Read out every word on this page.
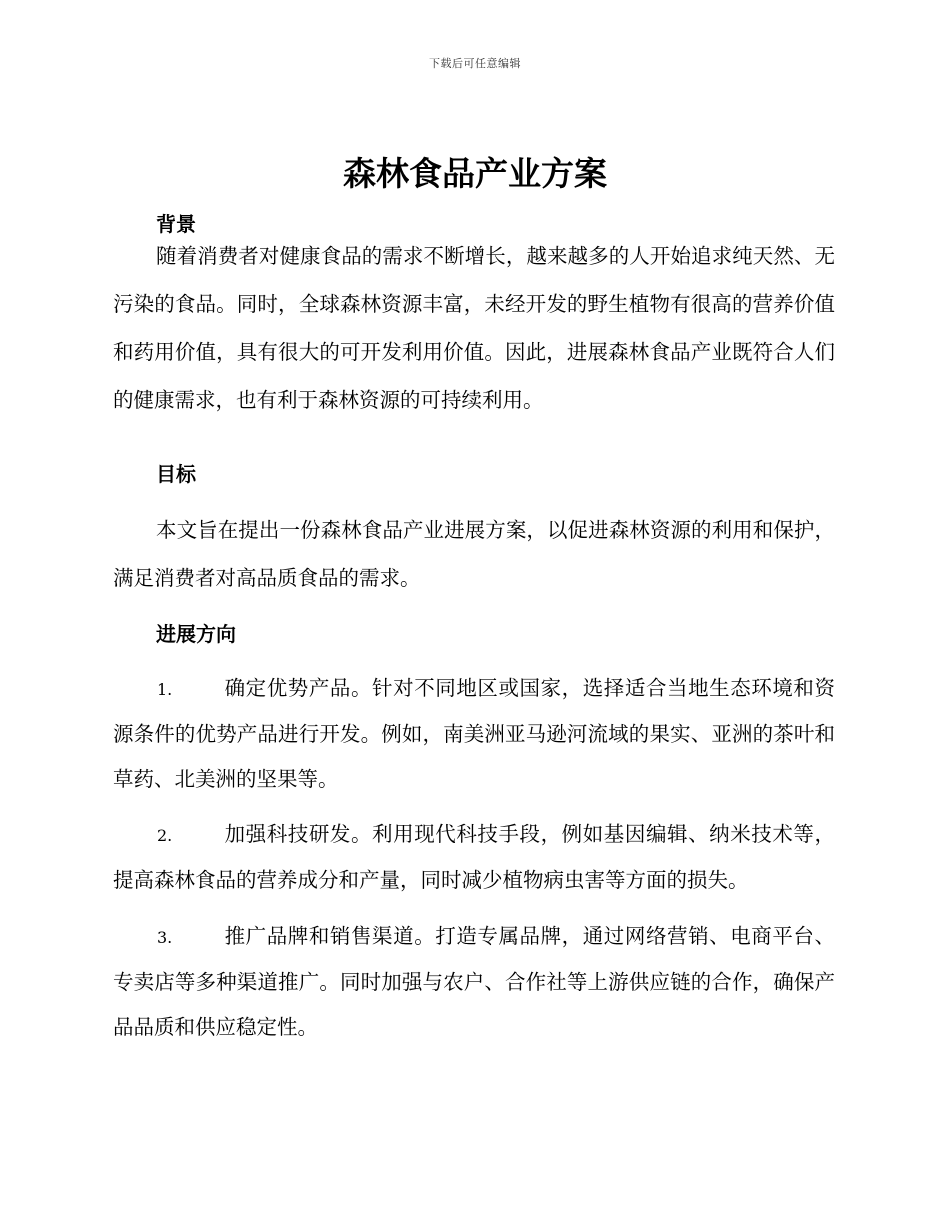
下载后可任意编辑
森林食品产业方案
背景

随着消费者对健康食品的需求不断增长，越来越多的人开始追求纯天然、无污染的食品。同时，全球森林资源丰富，未经开发的野生植物有很高的营养价值和药用价值，具有很大的可开发利用价值。因此，进展森林食品产业既符合人们的健康需求，也有利于森林资源的可持续利用。

目标

本文旨在提出一份森林食品产业进展方案，以促进森林资源的利用和保护，满足消费者对高品质食品的需求。

进展方向

1.	确定优势产品。针对不同地区或国家，选择适合当地生态环境和资源条件的优势产品进行开发。例如，南美洲亚马逊河流域的果实、亚洲的茶叶和草药、北美洲的坚果等。

2.	加强科技研发。利用现代科技手段，例如基因编辑、纳米技术等，提高森林食品的营养成分和产量，同时减少植物病虫害等方面的损失。

3.	推广品牌和销售渠道。打造专属品牌，通过网络营销、电商平台、专卖店等多种渠道推广。同时加强与农户、合作社等上游供应链的合作，确保产品品质和供应稳定性。
